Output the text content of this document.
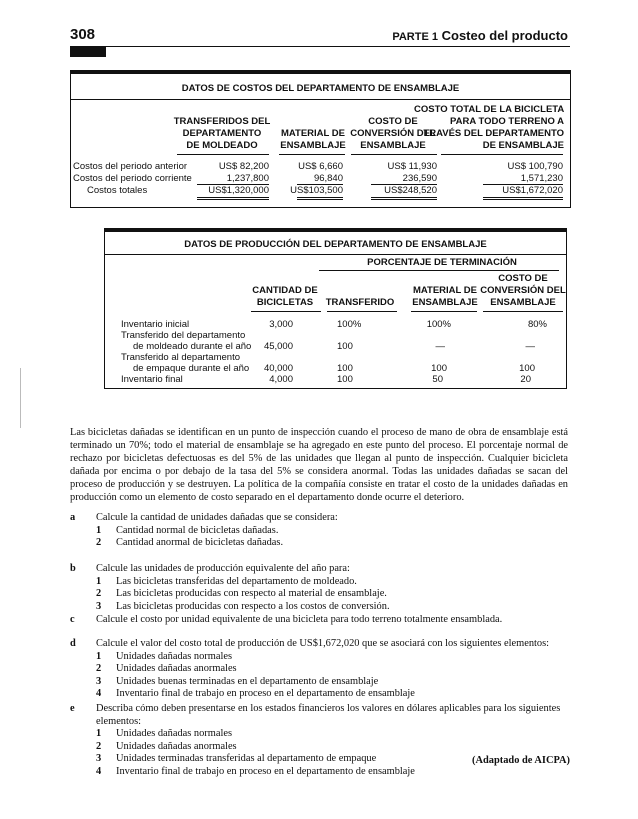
308	PARTE 1 Costeo del producto
DATOS DE COSTOS DEL DEPARTAMENTO DE ENSAMBLAJE
TRANSFERIDOS DEL
DEPARTAMENTO
DE MOLDEADO
MATERIAL DE
ENSAMBLAJE
COSTO DE
CONVERSIÓN DEL
ENSAMBLAJE
COSTO TOTAL DE LA BICICLETA
PARA TODO TERRENO A
TRAVÉS DEL DEPARTAMENTO
DE ENSAMBLAJE
Costos del periodo anterior
Costos del periodo corriente
Costos totales
US$ 82,200
1,237,800
US$1,320,000
US$ 6,660
96,840
US$103,500
US$ 11,930
236,590
US$248,520
US$ 100,790
1,571,230
US$1,672,020
DATOS DE PRODUCCIÓN DEL DEPARTAMENTO DE ENSAMBLAJE
PORCENTAJE DE TERMINACIÓN
CANTIDAD DE
BICICLETAS	TRANSFERIDO
MATERIAL DE
ENSAMBLAJE
COSTO DE
CONVERSIÓN DEL
ENSAMBLAJE
Inventario inicial
Transferido del departamento
de moldeado durante el año
Transferido al departamento
de empaque durante el año
Inventario final
3,000
45,000
40,000
4,000
100%
100
100
100
100%
—
100
50
80%
—
100
20
Las bicicletas dañadas se identifican en un punto de inspección cuando el proceso de mano de obra de ensamblaje está terminado un 70%; todo el material de ensamblaje se ha agregado en este punto del proceso. El porcentaje normal de rechazo por bicicletas defectuosas es del 5% de las unidades que llegan al punto de inspección. Cualquier bicicleta dañada por encima o por debajo de la tasa del 5% se considera anormal. Todas las unidades dañadas se sacan del proceso de producción y se destruyen. La política de la compañía consiste en tratar el costo de la unidades dañadas en producción como un elemento de costo separado en el departamento donde ocurre el deterioro.
a Calcule la cantidad de unidades dañadas que se considera:
1 Cantidad normal de bicicletas dañadas.
2 Cantidad anormal de bicicletas dañadas.
b Calcule las unidades de producción equivalente del año para:
1 Las bicicletas transferidas del departamento de moldeado.
2 Las bicicletas producidas con respecto al material de ensamblaje.
3 Las bicicletas producidas con respecto a los costos de conversión.
c Calcule el costo por unidad equivalente de una bicicleta para todo terreno totalmente ensamblada.
d Calcule el valor del costo total de producción de US$1,672,020 que se asociará con los siguientes elementos:
1 Unidades dañadas normales
2 Unidades dañadas anormales
3 Unidades buenas terminadas en el departamento de ensamblaje
4 Inventario final de trabajo en proceso en el departamento de ensamblaje
e Describa cómo deben presentarse en los estados financieros los valores en dólares aplicables para los siguientes elementos:
1 Unidades dañadas normales
2 Unidades dañadas anormales
3 Unidades terminadas transferidas al departamento de empaque
4 Inventario final de trabajo en proceso en el departamento de ensamblaje
(Adaptado de AICPA)
